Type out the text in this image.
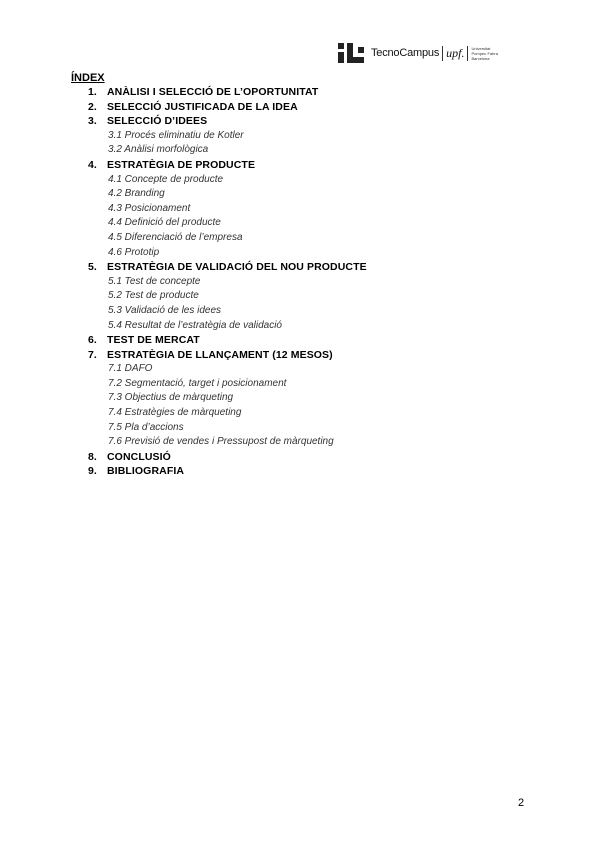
TecnoCampus upf. Universitat
Pompeu Fabra
Barcelona
ÍNDEX
1. ANÀLISI I SELECCIÓ DE L’OPORTUNITAT
2. SELECCIÓ JUSTIFICADA DE LA IDEA
3. SELECCIÓ D’IDEES
3.1 Procés eliminatiu de Kotler
3.2 Anàlisi morfològica
4. ESTRATÈGIA DE PRODUCTE
4.1 Concepte de producte
4.2 Branding
4.3 Posicionament
4.4 Definició del producte
4.5 Diferenciació de l’empresa
4.6 Prototip
5. ESTRATÈGIA DE VALIDACIÓ DEL NOU PRODUCTE
5.1 Test de concepte
5.2 Test de producte
5.3 Validació de les idees
5.4 Resultat de l’estratègia de validació
6. TEST DE MERCAT
7. ESTRATÈGIA DE LLANÇAMENT (12 MESOS)
7.1 DAFO
7.2 Segmentació, target i posicionament
7.3 Objectius de màrqueting
7.4 Estratègies de màrqueting
7.5 Pla d’accions
7.6 Previsió de vendes i Pressupost de màrqueting
8. CONCLUSIÓ
9. BIBLIOGRAFIA
2
